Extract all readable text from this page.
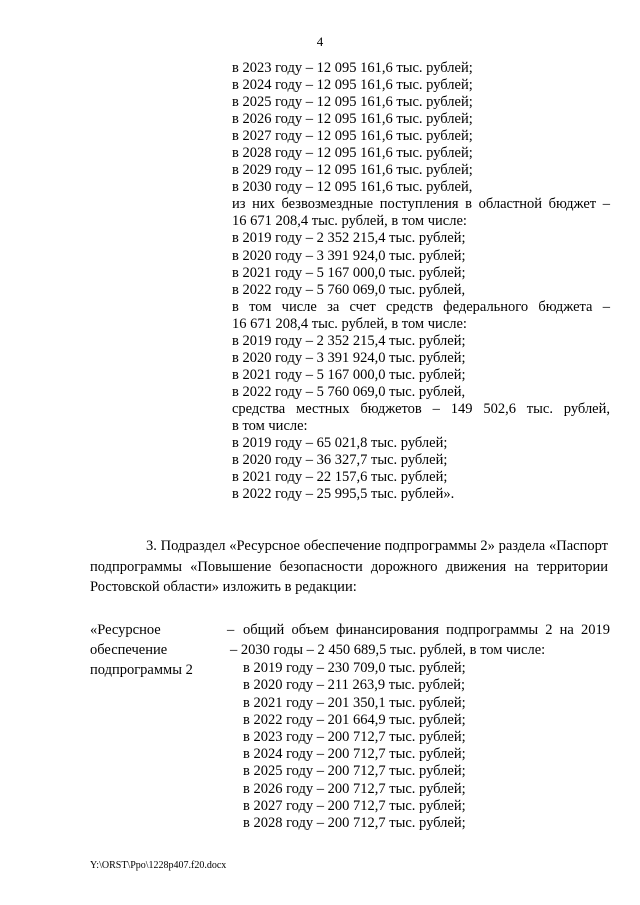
4
в 2023 году – 12 095 161,6 тыс. рублей;
в 2024 году – 12 095 161,6 тыс. рублей;
в 2025 году – 12 095 161,6 тыс. рублей;
в 2026 году – 12 095 161,6 тыс. рублей;
в 2027 году – 12 095 161,6 тыс. рублей;
в 2028 году – 12 095 161,6 тыс. рублей;
в 2029 году – 12 095 161,6 тыс. рублей;
в 2030 году – 12 095 161,6 тыс. рублей,
из них безвозмездные поступления в областной бюджет –
16 671 208,4 тыс. рублей, в том числе:
в 2019 году – 2 352 215,4 тыс. рублей;
в 2020 году – 3 391 924,0 тыс. рублей;
в 2021 году – 5 167 000,0 тыс. рублей;
в 2022 году – 5 760 069,0 тыс. рублей,
в том числе за счет средств федерального бюджета –
16 671 208,4 тыс. рублей, в том числе:
в 2019 году – 2 352 215,4 тыс. рублей;
в 2020 году – 3 391 924,0 тыс. рублей;
в 2021 году – 5 167 000,0 тыс. рублей;
в 2022 году – 5 760 069,0 тыс. рублей,
средства местных бюджетов – 149 502,6 тыс. рублей,
в том числе:
в 2019 году – 65 021,8 тыс. рублей;
в 2020 году – 36 327,7 тыс. рублей;
в 2021 году – 22 157,6 тыс. рублей;
в 2022 году – 25 995,5 тыс. рублей».

3. Подраздел «Ресурсное обеспечение подпрограммы 2» раздела «Паспорт

подпрограммы «Повышение безопасности дорожного движения на территории

Ростовской области» изложить в редакции:

«Ресурсное
обеспечение
подпрограммы 2
– общий объем финансирования подпрограммы 2 на 2019
– 2030 годы – 2 450 689,5 тыс. рублей, в том числе:
в 2019 году – 230 709,0 тыс. рублей;
в 2020 году – 211 263,9 тыс. рублей;
в 2021 году – 201 350,1 тыс. рублей;
в 2022 году – 201 664,9 тыс. рублей;
в 2023 году – 200 712,7 тыс. рублей;
в 2024 году – 200 712,7 тыс. рублей;
в 2025 году – 200 712,7 тыс. рублей;
в 2026 году – 200 712,7 тыс. рублей;
в 2027 году – 200 712,7 тыс. рублей;
в 2028 году – 200 712,7 тыс. рублей;
Y:\ORST\Ppo\1228p407.f20.docx
